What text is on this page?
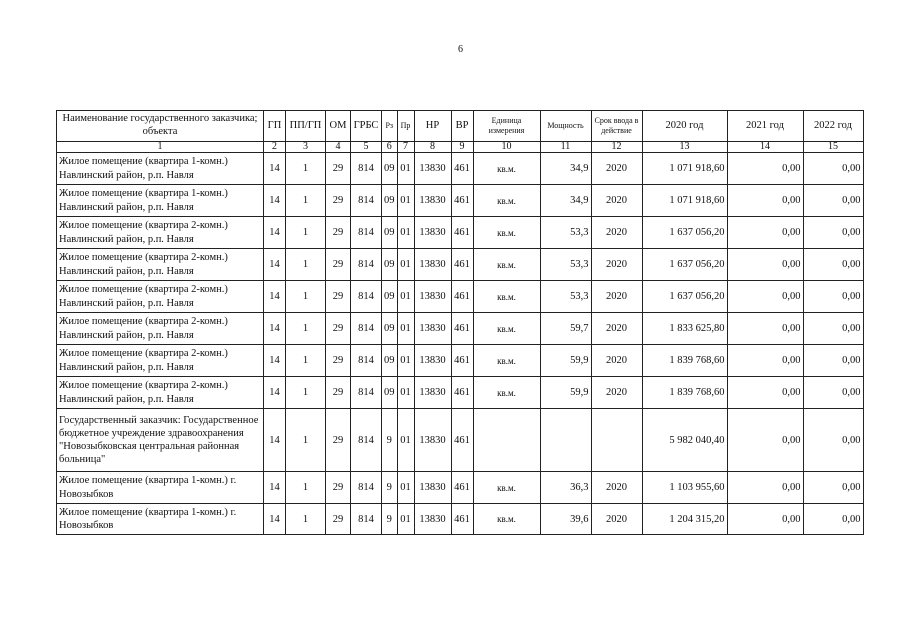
6
Наименование государственного заказчика; объекта	ГП	ПП/ГП	ОМ	ГРБС	Рз	Пр	НР	ВР	Единица измерения	Мощность	Срок ввода в действие	2020 год	2021 год	2022 год
1	2	3	4	5	6	7	8	9	10	11	12	13	14	15
Жилое помещение (квартира 1-комн.) Навлинский район, р.п. Навля	14	1	29	814	09	01	13830	461	кв.м.	34,9	2020	1 071 918,60	0,00	0,00
Жилое помещение (квартира 1-комн.) Навлинский район, р.п. Навля	14	1	29	814	09	01	13830	461	кв.м.	34,9	2020	1 071 918,60	0,00	0,00
Жилое помещение (квартира 2-комн.) Навлинский район, р.п. Навля	14	1	29	814	09	01	13830	461	кв.м.	53,3	2020	1 637 056,20	0,00	0,00
Жилое помещение (квартира 2-комн.) Навлинский район, р.п. Навля	14	1	29	814	09	01	13830	461	кв.м.	53,3	2020	1 637 056,20	0,00	0,00
Жилое помещение (квартира 2-комн.) Навлинский район, р.п. Навля	14	1	29	814	09	01	13830	461	кв.м.	53,3	2020	1 637 056,20	0,00	0,00
Жилое помещение (квартира 2-комн.) Навлинский район, р.п. Навля	14	1	29	814	09	01	13830	461	кв.м.	59,7	2020	1 833 625,80	0,00	0,00
Жилое помещение (квартира 2-комн.) Навлинский район, р.п. Навля	14	1	29	814	09	01	13830	461	кв.м.	59,9	2020	1 839 768,60	0,00	0,00
Жилое помещение (квартира 2-комн.) Навлинский район, р.п. Навля	14	1	29	814	09	01	13830	461	кв.м.	59,9	2020	1 839 768,60	0,00	0,00
Государственный заказчик: Государственное бюджетное учреждение здравоохранения "Новозыбковская центральная районная больница"	14	1	29	814	9	01	13830	461				5 982 040,40	0,00	0,00
Жилое помещение (квартира 1-комн.) г. Новозыбков	14	1	29	814	9	01	13830	461	кв.м.	36,3	2020	1 103 955,60	0,00	0,00
Жилое помещение (квартира 1-комн.) г. Новозыбков	14	1	29	814	9	01	13830	461	кв.м.	39,6	2020	1 204 315,20	0,00	0,00
